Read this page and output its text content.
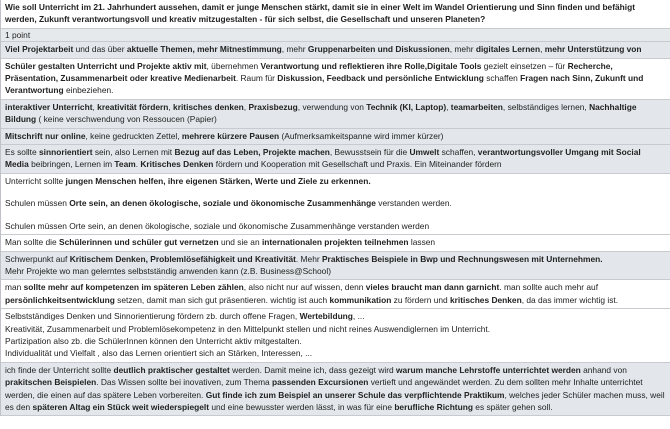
Wie soll Unterricht im 21. Jahrhundert aussehen, damit er junge Menschen stärkt, damit sie in einer Welt im Wandel Orientierung und Sinn finden und befähigt werden, Zukunft verantwortungsvoll und kreativ mitzugestalten - für sich selbst, die Gesellschaft und unseren Planeten?
1 point

Viel Projektarbeit und das über aktuelle Themen, mehr Mitnestimmung, mehr Gruppenarbeiten und Diskussionen, mehr digitales Lernen, mehr Unterstützung von

Schüler gestalten Unterricht und Projekte aktiv mit, übernehmen Verantwortung und reflektieren ihre Rolle,Digitale Tools gezielt einsetzen – für Recherche, Präsentation, Zusammenarbeit oder kreative Medienarbeit. Raum für Diskussion, Feedback und persönliche Entwicklung schaffen Fragen nach Sinn, Zukunft und Verantwortung einbeziehen.

interaktiver Unterricht, kreativität fördern, kritisches denken, Praxisbezug, verwendung von Technik (KI, Laptop), teamarbeiten, selbständiges lernen, Nachhaltige Bildung ( keine verschwendung von Ressoucen (Papier)

Mitschrift nur online, keine gedruckten Zettel, mehrere kürzere Pausen (Aufmerksamkeitspanne wird immer kürzer)

Es sollte sinnorientiert sein, also Lernen mit Bezug auf das Leben, Projekte machen, Bewusstsein für die Umwelt schaffen, verantwortungsvoller Umgang mit Social Media beibringen, Lernen im Team. Kritisches Denken fördern und Kooperation mit Gesellschaft und Praxis. Ein Miteinander fördern

Unterricht sollte jungen Menschen helfen, ihre eigenen Stärken, Werte und Ziele zu erkennen.

Schulen müssen Orte sein, an denen ökologische, soziale und ökonomische Zusammenhänge verstanden werden.

Schulen müssen Orte sein, an denen ökologische, soziale und ökonomische Zusammenhänge verstanden werden

Man sollte die Schülerinnen und schüler gut vernetzen und sie an internationalen projekten teilnehmen lassen

Schwerpunkt auf Kritischem Denken, Problemlösefähigkeit und Kreativität. Mehr Praktisches Beispiele in Bwp und Rechnungswesen mit Unternehmen.

Mehr Projekte wo man gelerntes selbstständig anwenden kann (z.B. Business@School)

man sollte mehr auf kompetenzen im späteren Leben zählen, also nicht nur auf wissen, denn vieles braucht man dann garnicht. man sollte auch mehr auf persönlichkeitsentwicklung setzen, damit man sich gut präsentieren. wichtig ist auch kommunikation zu fördern und kritisches Denken, da das immer wichtig ist.

Selbstständiges Denken und Sinnorientierung fördern zb. durch offene Fragen, Wertebildung, ...

Kreativität, Zusammenarbeit und Problemlösekompetenz in den Mittelpunkt stellen und nicht reines Auswendiglernen im Unterricht.

Partizipation also zb. die SchülerInnen können den Unterricht aktiv mitgestalten.

Individualität und Vielfalt , also das Lernen orientiert sich an Stärken, Interessen, ...

ich finde der Unterricht sollte deutlich praktischer gestaltet werden. Damit meine ich, dass gezeigt wird warum manche Lehrstoffe unterrichtet werden anhand von prakitschen Beispielen. Das Wissen sollte bei inovativen, zum Thema passenden Excursionen vertieft und angewändet werden. Zu dem sollten mehr Inhalte unterrichtet werden, die einen auf das spätere Leben vorbereiten. Gut finde ich zum Beispiel an unserer Schule das verpflichtende Praktikum, welches jeder Schüler machen muss, weil es den späteren Altag ein Stück weit wiederspiegelt und eine bewusster werden lässt, in was für eine berufliche Richtung es später gehen soll.
